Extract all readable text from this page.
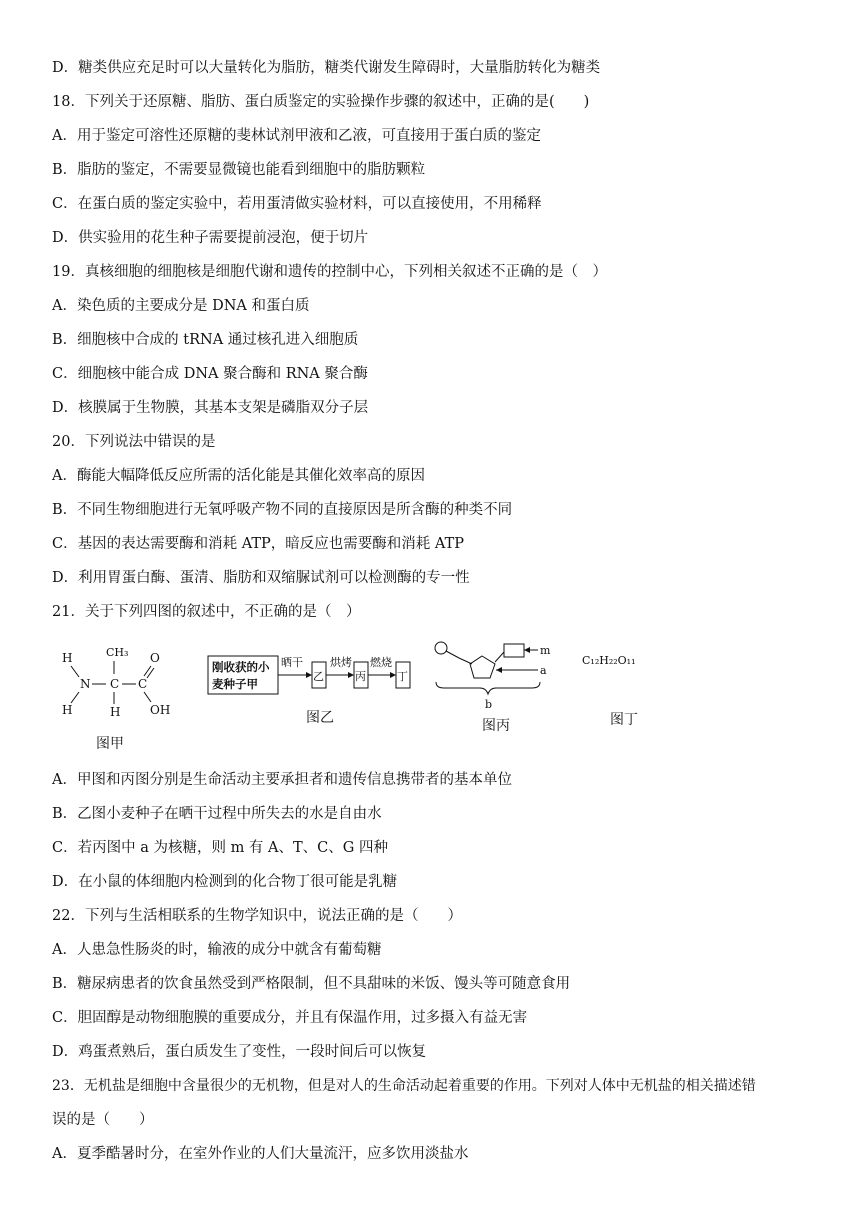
D．糖类供应充足时可以大量转化为脂肪，糖类代谢发生障碍时，大量脂肪转化为糖类
18．下列关于还原糖、脂肪、蛋白质鉴定的实验操作步骤的叙述中，正确的是(　　)
A．用于鉴定可溶性还原糖的斐林试剂甲液和乙液，可直接用于蛋白质的鉴定
B．脂肪的鉴定，不需要显微镜也能看到细胞中的脂肪颗粒
C．在蛋白质的鉴定实验中，若用蛋清做实验材料，可以直接使用，不用稀释
D．供实验用的花生种子需要提前浸泡，便于切片
19．真核细胞的细胞核是细胞代谢和遗传的控制中心，下列相关叙述不正确的是（　）
A．染色质的主要成分是 DNA 和蛋白质
B．细胞核中合成的 tRNA 通过核孔进入细胞质
C．细胞核中能合成 DNA 聚合酶和 RNA 聚合酶
D．核膜属于生物膜，其基本支架是磷脂双分子层
20．下列说法中错误的是
A．酶能大幅降低反应所需的活化能是其催化效率高的原因
B．不同生物细胞进行无氧呼吸产物不同的直接原因是所含酶的种类不同
C．基因的表达需要酶和消耗 ATP，暗反应也需要酶和消耗 ATP
D．利用胃蛋白酶、蛋清、脂肪和双缩脲试剂可以检测酶的专一性
21．关于下列四图的叙述中，不正确的是（　）
H
N
H
CH₃
C
H
C
O
OH
图甲
刚收获的小
麦种子甲
晒干
乙
烘烤
丙
燃烧
丁
图乙
m
a
b
图丙
C₁₂H₂₂O₁₁
图丁
A．甲图和丙图分别是生命活动主要承担者和遗传信息携带者的基本单位
B．乙图小麦种子在晒干过程中所失去的水是自由水
C．若丙图中 a 为核糖，则 m 有 A、T、C、G 四种
D．在小鼠的体细胞内检测到的化合物丁很可能是乳糖
22．下列与生活相联系的生物学知识中，说法正确的是（　　）
A．人患急性肠炎的时，输液的成分中就含有葡萄糖
B．糖尿病患者的饮食虽然受到严格限制，但不具甜味的米饭、馒头等可随意食用
C．胆固醇是动物细胞膜的重要成分，并且有保温作用，过多摄入有益无害
D．鸡蛋煮熟后，蛋白质发生了变性，一段时间后可以恢复
23．无机盐是细胞中含量很少的无机物，但是对人的生命活动起着重要的作用。下列对人体中无机盐的相关描述错
误的是（　　）
A．夏季酷暑时分，在室外作业的人们大量流汗，应多饮用淡盐水
